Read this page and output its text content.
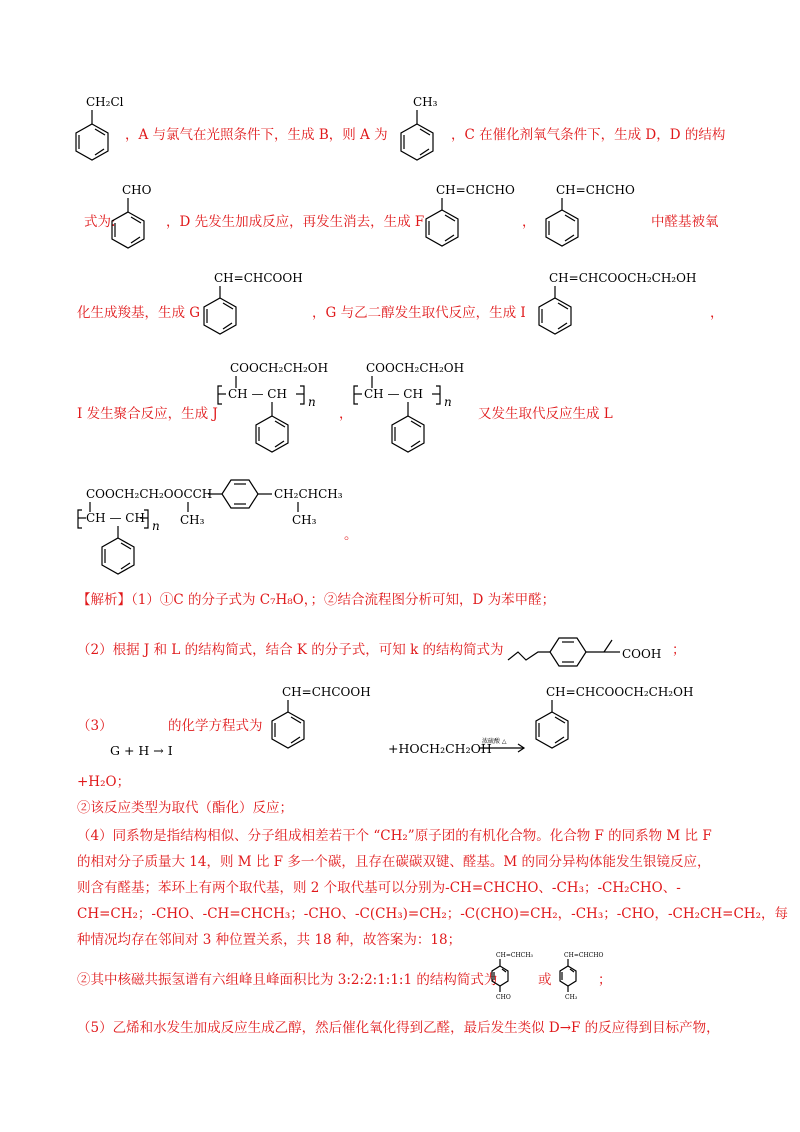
CH₂Cl
，A 与氯气在光照条件下，生成 B，则 A 为
CH₃
，C 在催化剂氧气条件下，生成 D，D 的结构
式为:
CHO
，D 先发生加成反应，再发生消去，生成 F
CH=CHCHO
，
CH=CHCHO
中醛基被氧
化生成羧基，生成 G
CH=CHCOOH
，G 与乙二醇发生取代反应，生成 I
CH=CHCOOCH₂CH₂OH
，
I 发生聚合反应，生成 J
COOCH₂CH₂OH
CH — CH
n
，
COOCH₂CH₂OH
CH — CH
n
又发生取代反应生成 L
COOCH₂CH₂OOCCH	CH₂CHCH₃
CH₃	CH₃
CH — CH
n
。
【解析】（1）①C 的分子式为 C₇H₈O，；②结合流程图分析可知，D 为苯甲醛；
（2）根据 J 和 L 的结构简式，结合 K 的分子式，可知 k 的结构简式为	COOH ；
（3）	的化学方程式为
G + H → I
CH=CHCOOH
+HOCH₂CH₂OH
浓硫酸 △
CH=CHCOOCH₂CH₂OH
+H₂O；
②该反应类型为取代（酯化）反应；
（4）同系物是指结构相似、分子组成相差若干个 “CH₂”原子团的有机化合物。化合物 F 的同系物 M 比 F
的相对分子质量大 14，则 M 比 F 多一个碳，且存在碳碳双键、醛基。M 的同分异构体能发生银镜反应，
则含有醛基；苯环上有两个取代基，则 2 个取代基可以分别为-CH=CHCHO、-CH₃；-CH₂CHO、-
CH=CH₂；-CHO、-CH=CHCH₃；-CHO、-C(CH₃)=CH₂；-C(CHO)=CH₂，-CH₃；-CHO，-CH₂CH=CH₂，每
种情况均存在邻间对 3 种位置关系，共 18 种，故答案为：18；
②其中核磁共振氢谱有六组峰且峰面积比为 3:2:2:1:1:1 的结构简式为
CH=CHCH₃
CHO
或
CH=CHCHO
CH₃
；
（5）乙烯和水发生加成反应生成乙醇，然后催化氧化得到乙醛，最后发生类似 D→F 的反应得到目标产物，
